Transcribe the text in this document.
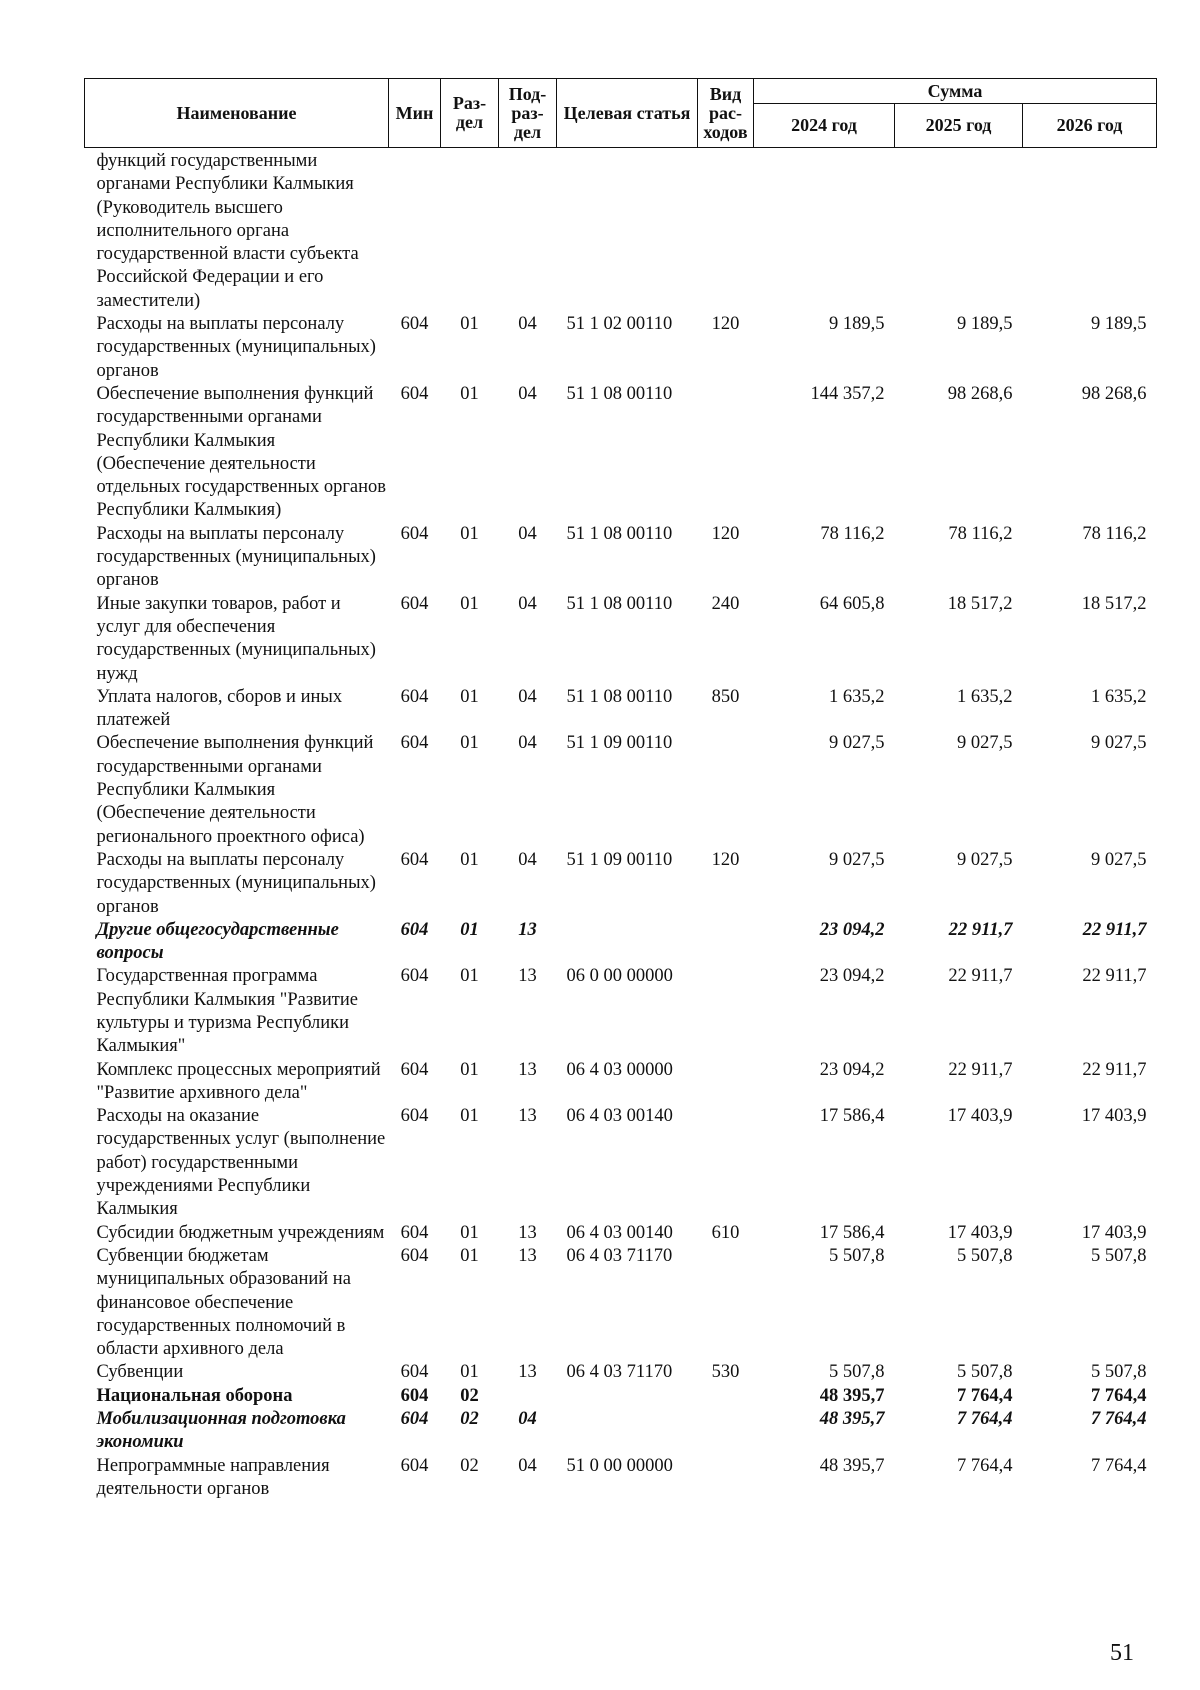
Наименование	Мин	Раз-дел	Под-раз-дел	Целевая статья	Вид рас-ходов	Сумма		
						2024 год	2025 год	2026 год
функций государственными органами Республики Калмыкия (Руководитель высшего исполнительного органа государственной власти субъекта Российской Федерации и его заместители)								
Расходы на выплаты персоналу государственных (муниципальных) органов	604	01	04	51 1 02 00110	120	9 189,5	9 189,5	9 189,5
Обеспечение выполнения функций государственными органами Республики Калмыкия (Обеспечение деятельности отдельных государственных органов Республики Калмыкия)	604	01	04	51 1 08 00110		144 357,2	98 268,6	98 268,6
Расходы на выплаты персоналу государственных (муниципальных) органов	604	01	04	51 1 08 00110	120	78 116,2	78 116,2	78 116,2
Иные закупки товаров, работ и услуг для обеспечения государственных (муниципальных) нужд	604	01	04	51 1 08 00110	240	64 605,8	18 517,2	18 517,2
Уплата налогов, сборов и иных платежей	604	01	04	51 1 08 00110	850	1 635,2	1 635,2	1 635,2
Обеспечение выполнения функций государственными органами Республики Калмыкия (Обеспечение деятельности регионального проектного офиса)	604	01	04	51 1 09 00110		9 027,5	9 027,5	9 027,5
Расходы на выплаты персоналу государственных (муниципальных) органов	604	01	04	51 1 09 00110	120	9 027,5	9 027,5	9 027,5
Другие общегосударственные вопросы	604	01	13			23 094,2	22 911,7	22 911,7
Государственная программа Республики Калмыкия "Развитие культуры и туризма Республики Калмыкия"	604	01	13	06 0 00 00000		23 094,2	22 911,7	22 911,7
Комплекс процессных мероприятий "Развитие архивного дела"	604	01	13	06 4 03 00000		23 094,2	22 911,7	22 911,7
Расходы на оказание государственных услуг (выполнение работ) государственными учреждениями Республики Калмыкия	604	01	13	06 4 03 00140		17 586,4	17 403,9	17 403,9
Субсидии бюджетным учреждениям	604	01	13	06 4 03 00140	610	17 586,4	17 403,9	17 403,9
Субвенции бюджетам муниципальных образований на финансовое обеспечение государственных полномочий в области архивного дела	604	01	13	06 4 03 71170		5 507,8	5 507,8	5 507,8
Субвенции	604	01	13	06 4 03 71170	530	5 507,8	5 507,8	5 507,8
Национальная оборона	604	02				48 395,7	7 764,4	7 764,4
Мобилизационная подготовка экономики	604	02	04			48 395,7	7 764,4	7 764,4
Непрограммные направления деятельности органов	604	02	04	51 0 00 00000		48 395,7	7 764,4	7 764,4
51
